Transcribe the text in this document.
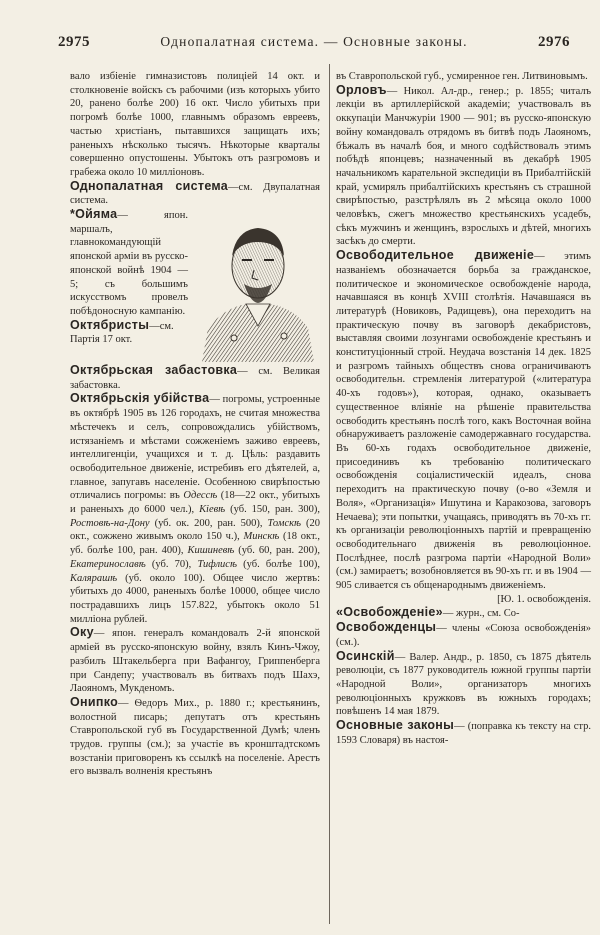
2975	Однопалатная система. — Основные законы.	2976

вало избіеніе гимназистовъ полиціей 14 окт. и столкновеніе войскъ съ рабочими (изъ которыхъ убито 20, ранено болѣе 200) 16 окт. Число убитыхъ при погромѣ болѣе 1000, главнымъ образомъ евреевъ, частью христіанъ, пытавшихся защищать ихъ; раненыхъ нѣсколько тысячъ. Нѣкоторые кварталы совершенно опустошены. Убытокъ отъ разгромовъ и грабежа около 10 милліоновъ.

Однопалатная система—см. Двупалатная система.

*Ойяма— япон. маршалъ, главнокомандующій японской арміи въ русско-японской войнѣ 1904 — 5; съ большимъ искусствомъ провелъ побѣдоносную кампанію.

Октябристы—см. Партія 17 окт.

Октябрьская забастовка— см. Великая забастовка.

Октябрьскія убійства— погромы, устроенные въ октябрѣ 1905 въ 126 городахъ, не считая множества мѣстечекъ и селъ, сопровождались убійствомъ, истязаніемъ и мѣстами сожженіемъ заживо евреевъ, интеллигенціи, учащихся и т. д. Цѣль: раздавить освободительное движеніе, истребивъ его дѣятелей, а, главное, запугавъ населеніе. Особенною свирѣпостью отличались погромы: въ Одессѣ (18—22 окт., убитыхъ и раненыхъ до 6000 чел.), Кіевѣ (уб. 150, ран. 300), Ростовѣ-на-Дону (уб. ок. 200, ран. 500), Томскѣ (20 окт., сожжено живымъ около 150 ч.), Минскѣ (18 окт., уб. болѣе 100, ран. 400), Кишиневѣ (уб. 60, ран. 200), Екатеринославѣ (уб. 70), Тифлисѣ (уб. болѣе 100), Калярашѣ (уб. около 100). Общее число жертвъ: убитыхъ до 4000, раненыхъ болѣе 10000, общее число пострадавшихъ лицъ 157.822, убытокъ около 51 милліона рублей.

Оку— япон. генералъ командовалъ 2-й японской арміей въ русско-японскую войну, взялъ Кинъ-Чжоу, разбилъ Штакельберга при Вафангоу, Гриппенберга при Сандепу; участвовалъ въ битвахъ подъ Шахэ, Лаояномъ, Мукденомъ.

Онипко— Ѳедоръ Мих., р. 1880 г.; крестьянинъ, волостной писарь; депутатъ отъ крестьянъ Ставропольской губ въ Государственной Думѣ; членъ трудов. группы (см.); за участіе въ кронштадтскомъ возстаніи приговоренъ къ ссылкѣ на поселеніе. Арестъ его вызвалъ волненія крестьянъ

въ Ставропольской губ., усмиренное ген. Литвиновымъ.

Орловъ— Никол. Ал-др., генер.; р. 1855; читалъ лекціи въ артиллерійской академіи; участвовалъ въ оккупаціи Манчжуріи 1900 — 901; въ русско-японскую войну командовалъ отрядомъ въ битвѣ подъ Лаояномъ, бѣжалъ въ началѣ боя, и много содѣйствовалъ этимъ побѣдѣ японцевъ; назначенный въ декабрѣ 1905 начальникомъ карательной экспедиціи въ Прибалтійскій край, усмирялъ прибалтійскихъ крестьянъ съ страшной свирѣпостью, разстрѣлялъ въ 2 мѣсяца около 1000 человѣкъ, сжегъ множество крестьянскихъ усадебъ, сѣкъ мужчинъ и женщинъ, взрослыхъ и дѣтей, многихъ засѣкъ до смерти.

Освободительное движеніе— этимъ названіемъ обозначается борьба за гражданское, политическое и экономическое освобожденіе народа, начавшаяся въ концѣ XVIII столѣтія. Начавшаяся въ литературѣ (Новиковъ, Радищевъ), она переходитъ на практическую почву въ заговорѣ декабристовъ, выставляя своими лозунгами освобожденіе крестьянъ и конституціонный строй. Неудача возстанія 14 дек. 1825 и разгромъ тайныхъ обществъ снова ограничиваютъ освободительн. стремленія литературой («литература 40-хъ годовъ»), которая, однако, оказываетъ существенное вліяніе на рѣшеніе правительства освободить крестьянъ послѣ того, какъ Восточная война обнаруживаетъ разложеніе самодержавнаго государства. Въ 60-хъ годахъ освободительное движеніе, присоединивъ къ требованію политическаго освобожденія соціалистическій идеалъ, снова переходитъ на практическую почву (о-во «Земля и Воля», «Организація» Ишутина и Каракозова, заговоръ Нечаева); эти попытки, учащаясь, приводятъ въ 70-хъ гг. къ организаціи революціонныхъ партій и превращенію освободительнаго движенія въ революціонное. Послѣднее, послѣ разгрома партіи «Народной Воли» (см.) замираетъ; возобновляется въ 90-хъ гг. и въ 1904 — 905 сливается съ общенароднымъ движеніемъ.

[Ю. 1. освобожденія.

«Освобожденіе»— журн., см. Со-

Освобожденцы— члены «Союза освобожденія» (см.).

Осинскій— Валер. Андр., р. 1850, съ 1875 дѣятель революціи, съ 1877 руководитель южной группы партіи «Народной Воли», организаторъ многихъ революціонныхъ кружковъ въ южныхъ городахъ; повѣшенъ 14 мая 1879.

Основные законы— (поправка къ тексту на стр. 1593 Словаря) въ настоя-
